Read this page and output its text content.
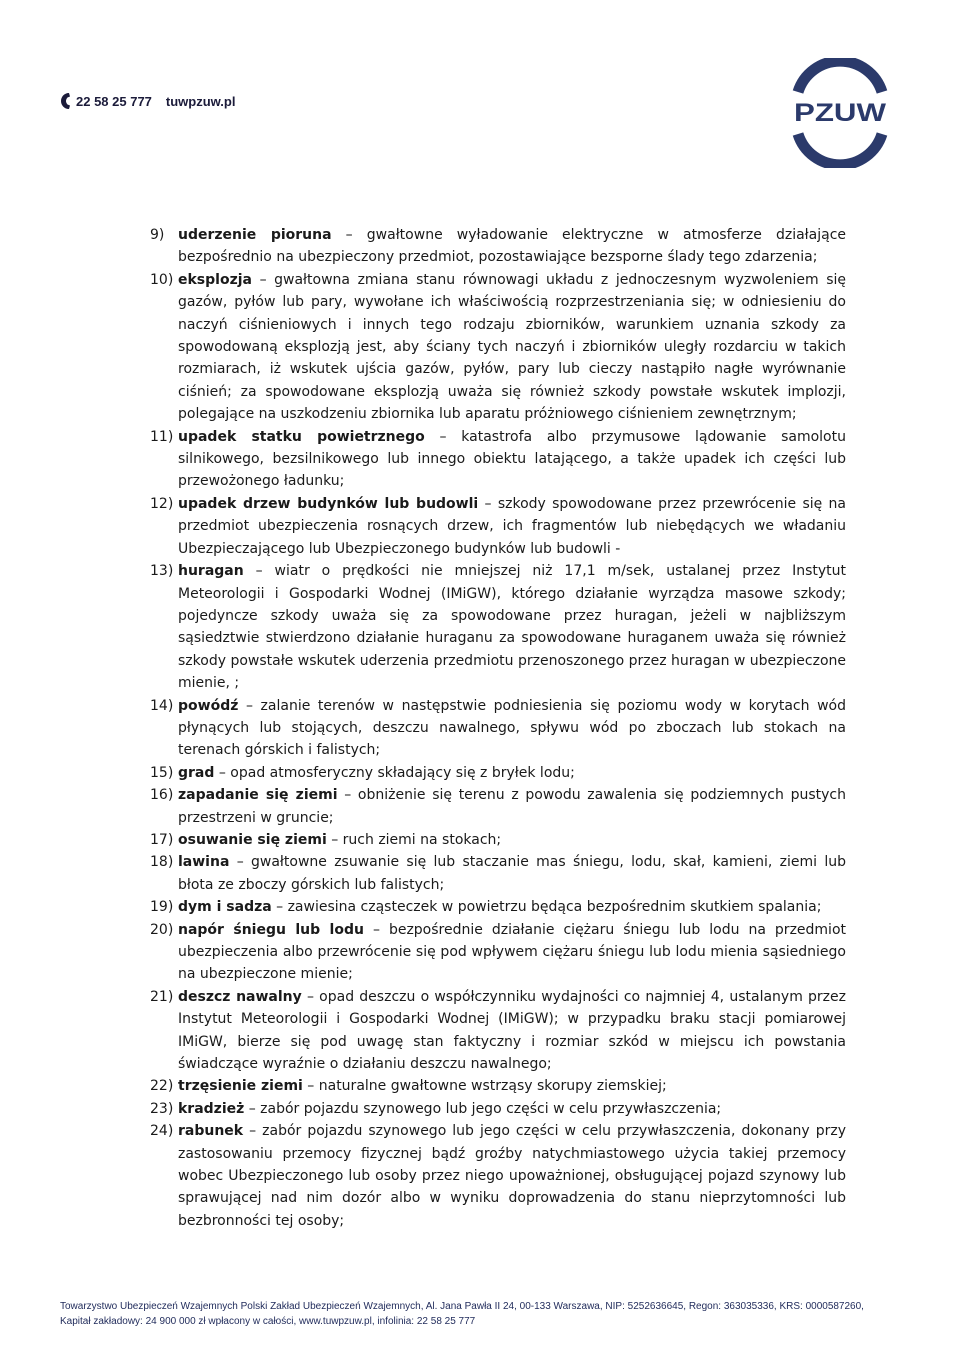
22 58 25 777 tuwpzuw.pl	PZUW
9) uderzenie pioruna – gwałtowne wyładowanie elektryczne w atmosferze działające bezpośrednio na ubezpieczony przedmiot, pozostawiające bezsporne ślady tego zdarzenia;
10) eksplozja – gwałtowna zmiana stanu równowagi układu z jednoczesnym wyzwoleniem się gazów, pyłów lub pary, wywołane ich właściwością rozprzestrzeniania się; w odniesieniu do naczyń ciśnieniowych i innych tego rodzaju zbiorników, warunkiem uznania szkody za spowodowaną eksplozją jest, aby ściany tych naczyń i zbiorników uległy rozdarciu w takich rozmiarach, iż wskutek ujścia gazów, pyłów, pary lub cieczy nastąpiło nagłe wyrównanie ciśnień; za spowodowane eksplozją uważa się również szkody powstałe wskutek implozji, polegające na uszkodzeniu zbiornika lub aparatu próżniowego ciśnieniem zewnętrznym;
11) upadek statku powietrznego – katastrofa albo przymusowe lądowanie samolotu silnikowego, bezsilnikowego lub innego obiektu latającego, a także upadek ich części lub przewożonego ładunku;
12) upadek drzew budynków lub budowli – szkody spowodowane przez przewrócenie się na przedmiot ubezpieczenia rosnących drzew, ich fragmentów lub niebędących we władaniu Ubezpieczającego lub Ubezpieczonego budynków lub budowli -
13) huragan – wiatr o prędkości nie mniejszej niż 17,1 m/sek, ustalanej przez Instytut Meteorologii i Gospodarki Wodnej (IMiGW), którego działanie wyrządza masowe szkody; pojedyncze szkody uważa się za spowodowane przez huragan, jeżeli w najbliższym sąsiedztwie stwierdzono działanie huraganu za spowodowane huraganem uważa się również szkody powstałe wskutek uderzenia przedmiotu przenoszonego przez huragan w ubezpieczone mienie, ;
14) powódź – zalanie terenów w następstwie podniesienia się poziomu wody w korytach wód płynących lub stojących, deszczu nawalnego, spływu wód po zboczach lub stokach na terenach górskich i falistych;
15) grad – opad atmosferyczny składający się z bryłek lodu;
16) zapadanie się ziemi – obniżenie się terenu z powodu zawalenia się podziemnych pustych przestrzeni w gruncie;
17) osuwanie się ziemi – ruch ziemi na stokach;
18) lawina – gwałtowne zsuwanie się lub staczanie mas śniegu, lodu, skał, kamieni, ziemi lub błota ze zboczy górskich lub falistych;
19) dym i sadza – zawiesina cząsteczek w powietrzu będąca bezpośrednim skutkiem spalania;
20) napór śniegu lub lodu – bezpośrednie działanie ciężaru śniegu lub lodu na przedmiot ubezpieczenia albo przewrócenie się pod wpływem ciężaru śniegu lub lodu mienia sąsiedniego na ubezpieczone mienie;
21) deszcz nawalny – opad deszczu o współczynniku wydajności co najmniej 4, ustalanym przez Instytut Meteorologii i Gospodarki Wodnej (IMiGW); w przypadku braku stacji pomiarowej IMiGW, bierze się pod uwagę stan faktyczny i rozmiar szkód w miejscu ich powstania świadczące wyraźnie o działaniu deszczu nawalnego;
22) trzęsienie ziemi – naturalne gwałtowne wstrząsy skorupy ziemskiej;
23) kradzież – zabór pojazdu szynowego lub jego części w celu przywłaszczenia;
24) rabunek – zabór pojazdu szynowego lub jego części w celu przywłaszczenia, dokonany przy zastosowaniu przemocy fizycznej bądź groźby natychmiastowego użycia takiej przemocy wobec Ubezpieczonego lub osoby przez niego upoważnionej, obsługującej pojazd szynowy lub sprawującej nad nim dozór albo w wyniku doprowadzenia do stanu nieprzytomności lub bezbronności tej osoby;
Towarzystwo Ubezpieczeń Wzajemnych Polski Zakład Ubezpieczeń Wzajemnych, Al. Jana Pawła II 24, 00-133 Warszawa, NIP: 5252636645, Regon: 363035336, KRS: 0000587260,
Kapitał zakładowy: 24 900 000 zł wpłacony w całości, www.tuwpzuw.pl, infolinia: 22 58 25 777
